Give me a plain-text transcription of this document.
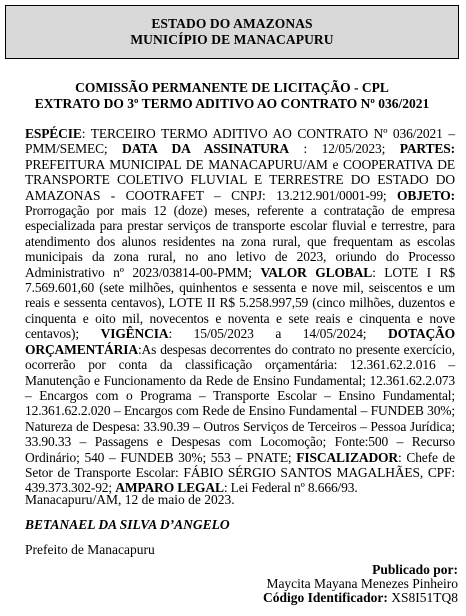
ESTADO DO AMAZONAS
MUNICÍPIO DE MANACAPURU
COMISSÃO PERMANENTE DE LICITAÇÃO - CPL
EXTRATO DO 3º TERMO ADITIVO AO CONTRATO Nº 036/2021
ESPÉCIE: TERCEIRO TERMO ADITIVO AO CONTRATO Nº 036/2021 – PMM/SEMEC; DATA DA ASSINATURA : 12/05/2023; PARTES: PREFEITURA MUNICIPAL DE MANACAPURU/AM e COOPERATIVA DE TRANSPORTE COLETIVO FLUVIAL E TERRESTRE DO ESTADO DO AMAZONAS - COOTRAFET – CNPJ: 13.212.901/0001-99; OBJETO: Prorrogação por mais 12 (doze) meses, referente a contratação de empresa especializada para prestar serviços de transporte escolar fluvial e terrestre, para atendimento dos alunos residentes na zona rural, que frequentam as escolas municipais da zona rural, no ano letivo de 2023, oriundo do Processo Administrativo nº 2023/03814-00-PMM; VALOR GLOBAL: LOTE I R$ 7.569.601,60 (sete milhões, quinhentos e sessenta e nove mil, seiscentos e um reais e sessenta centavos), LOTE II R$ 5.258.997,59 (cinco milhões, duzentos e cinquenta e oito mil, novecentos e noventa e sete reais e cinquenta e nove centavos); VIGÊNCIA: 15/05/2023 a 14/05/2024; DOTAÇÃO ORÇAMENTÁRIA:As despesas decorrentes do contrato no presente exercício, ocorrerão por conta da classificação orçamentária: 12.361.62.2.016 – Manutenção e Funcionamento da Rede de Ensino Fundamental; 12.361.62.2.073 – Encargos com o Programa – Transporte Escolar – Ensino Fundamental; 12.361.62.2.020 – Encargos com Rede de Ensino Fundamental – FUNDEB 30%; Natureza de Despesa: 33.90.39 – Outros Serviços de Terceiros – Pessoa Jurídica; 33.90.33 – Passagens e Despesas com Locomoção; Fonte:500 – Recurso Ordinário; 540 – FUNDEB 30%; 553 – PNATE; FISCALIZADOR: Chefe de Setor de Transporte Escolar: FÁBIO SÉRGIO SANTOS MAGALHÃES, CPF: 439.373.302-92; AMPARO LEGAL: Lei Federal nº 8.666/93.
Manacapuru/AM, 12 de maio de 2023.
BETANAEL DA SILVA D’ANGELO
Prefeito de Manacapuru
Publicado por:
Maycita Mayana Menezes Pinheiro
Código Identificador: XS8I51TQ8
